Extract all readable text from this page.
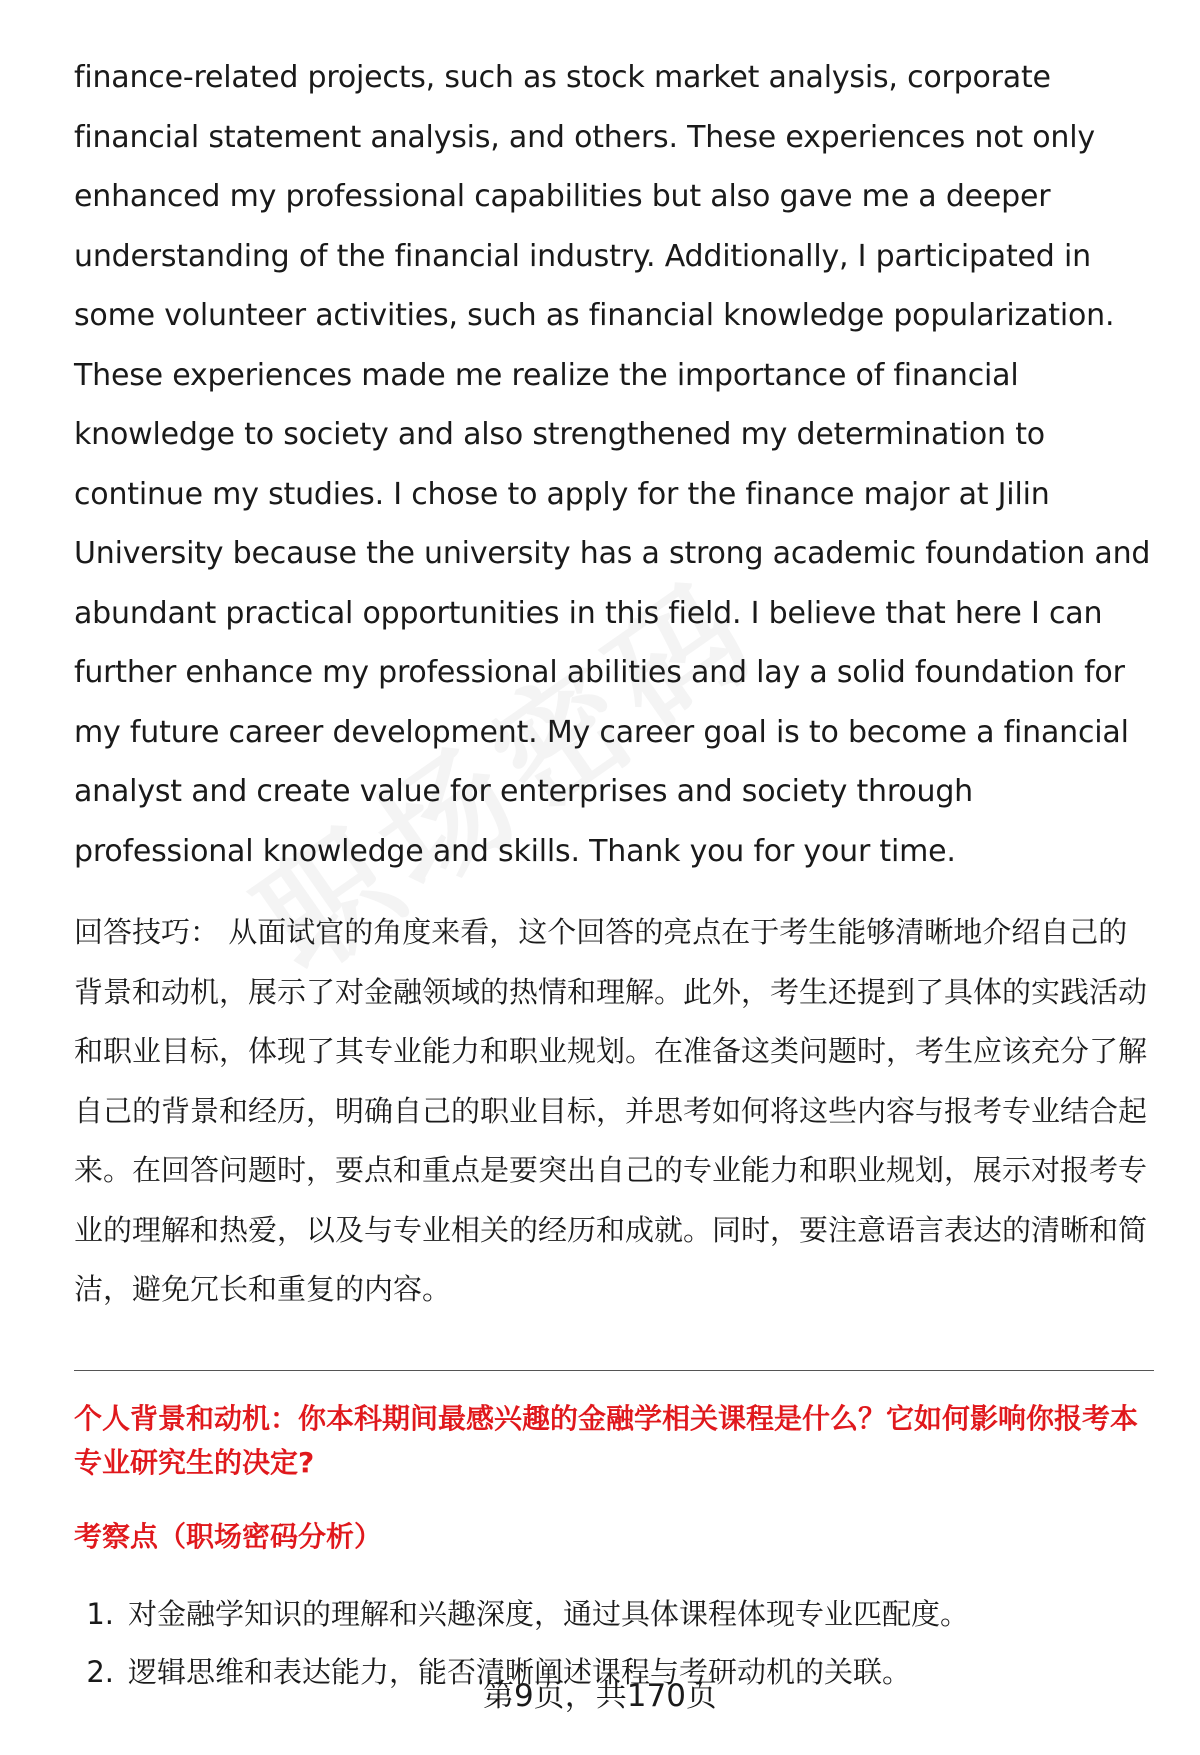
finance-related projects, such as stock market analysis, corporate financial statement analysis, and others. These experiences not only enhanced my professional capabilities but also gave me a deeper understanding of the financial industry. Additionally, I participated in some volunteer activities, such as financial knowledge popularization. These experiences made me realize the importance of financial knowledge to society and also strengthened my determination to continue my studies. I chose to apply for the finance major at Jilin University because the university has a strong academic foundation and abundant practical opportunities in this field. I believe that here I can further enhance my professional abilities and lay a solid foundation for my future career development. My career goal is to become a financial analyst and create value for enterprises and society through professional knowledge and skills. Thank you for your time.

回答技巧： 从面试官的角度来看，这个回答的亮点在于考生能够清晰地介绍自己的背景和动机，展示了对金融领域的热情和理解。此外，考生还提到了具体的实践活动和职业目标，体现了其专业能力和职业规划。在准备这类问题时，考生应该充分了解自己的背景和经历，明确自己的职业目标，并思考如何将这些内容与报考专业结合起来。在回答问题时，要点和重点是要突出自己的专业能力和职业规划，展示对报考专业的理解和热爱，以及与专业相关的经历和成就。同时，要注意语言表达的清晰和简洁，避免冗长和重复的内容。

个人背景和动机：你本科期间最感兴趣的金融学相关课程是什么？它如何影响你报考本专业研究生的决定?

考察点（职场密码分析）

1. 对金融学知识的理解和兴趣深度，通过具体课程体现专业匹配度。
2. 逻辑思维和表达能力，能否清晰阐述课程与考研动机的关联。
第9页，共170页
